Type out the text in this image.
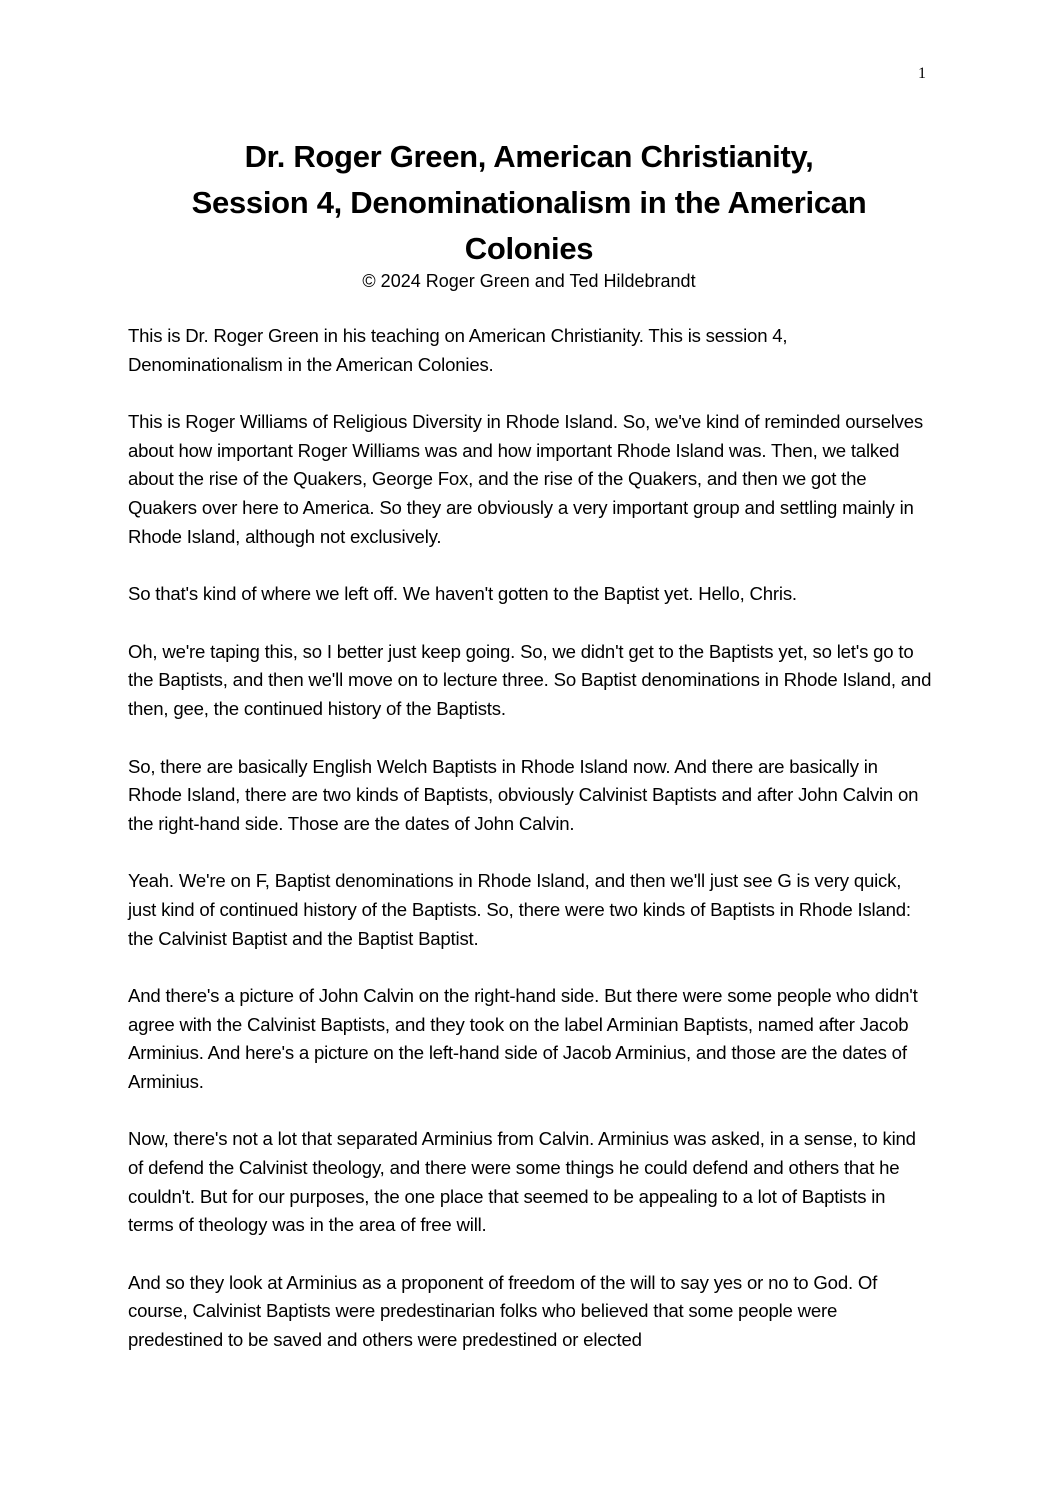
1
Dr. Roger Green, American Christianity,
Session 4, Denominationalism in the American
Colonies
© 2024 Roger Green and Ted Hildebrandt

This is Dr. Roger Green in his teaching on American Christianity. This is session 4, Denominationalism in the American Colonies.

This is Roger Williams of Religious Diversity in Rhode Island. So, we've kind of reminded ourselves about how important Roger Williams was and how important Rhode Island was. Then, we talked about the rise of the Quakers, George Fox, and the rise of the Quakers, and then we got the Quakers over here to America. So they are obviously a very important group and settling mainly in Rhode Island, although not exclusively.

So that's kind of where we left off. We haven't gotten to the Baptist yet. Hello, Chris.

Oh, we're taping this, so I better just keep going. So, we didn't get to the Baptists yet, so let's go to the Baptists, and then we'll move on to lecture three. So Baptist denominations in Rhode Island, and then, gee, the continued history of the Baptists.

So, there are basically English Welch Baptists in Rhode Island now. And there are basically in Rhode Island, there are two kinds of Baptists, obviously Calvinist Baptists and after John Calvin on the right-hand side. Those are the dates of John Calvin.

Yeah. We're on F, Baptist denominations in Rhode Island, and then we'll just see G is very quick, just kind of continued history of the Baptists. So, there were two kinds of Baptists in Rhode Island: the Calvinist Baptist and the Baptist Baptist.

And there's a picture of John Calvin on the right-hand side. But there were some people who didn't agree with the Calvinist Baptists, and they took on the label Arminian Baptists, named after Jacob Arminius. And here's a picture on the left-hand side of Jacob Arminius, and those are the dates of Arminius.

Now, there's not a lot that separated Arminius from Calvin. Arminius was asked, in a sense, to kind of defend the Calvinist theology, and there were some things he could defend and others that he couldn't. But for our purposes, the one place that seemed to be appealing to a lot of Baptists in terms of theology was in the area of free will.

And so they look at Arminius as a proponent of freedom of the will to say yes or no to God. Of course, Calvinist Baptists were predestinarian folks who believed that some people were predestined to be saved and others were predestined or elected
